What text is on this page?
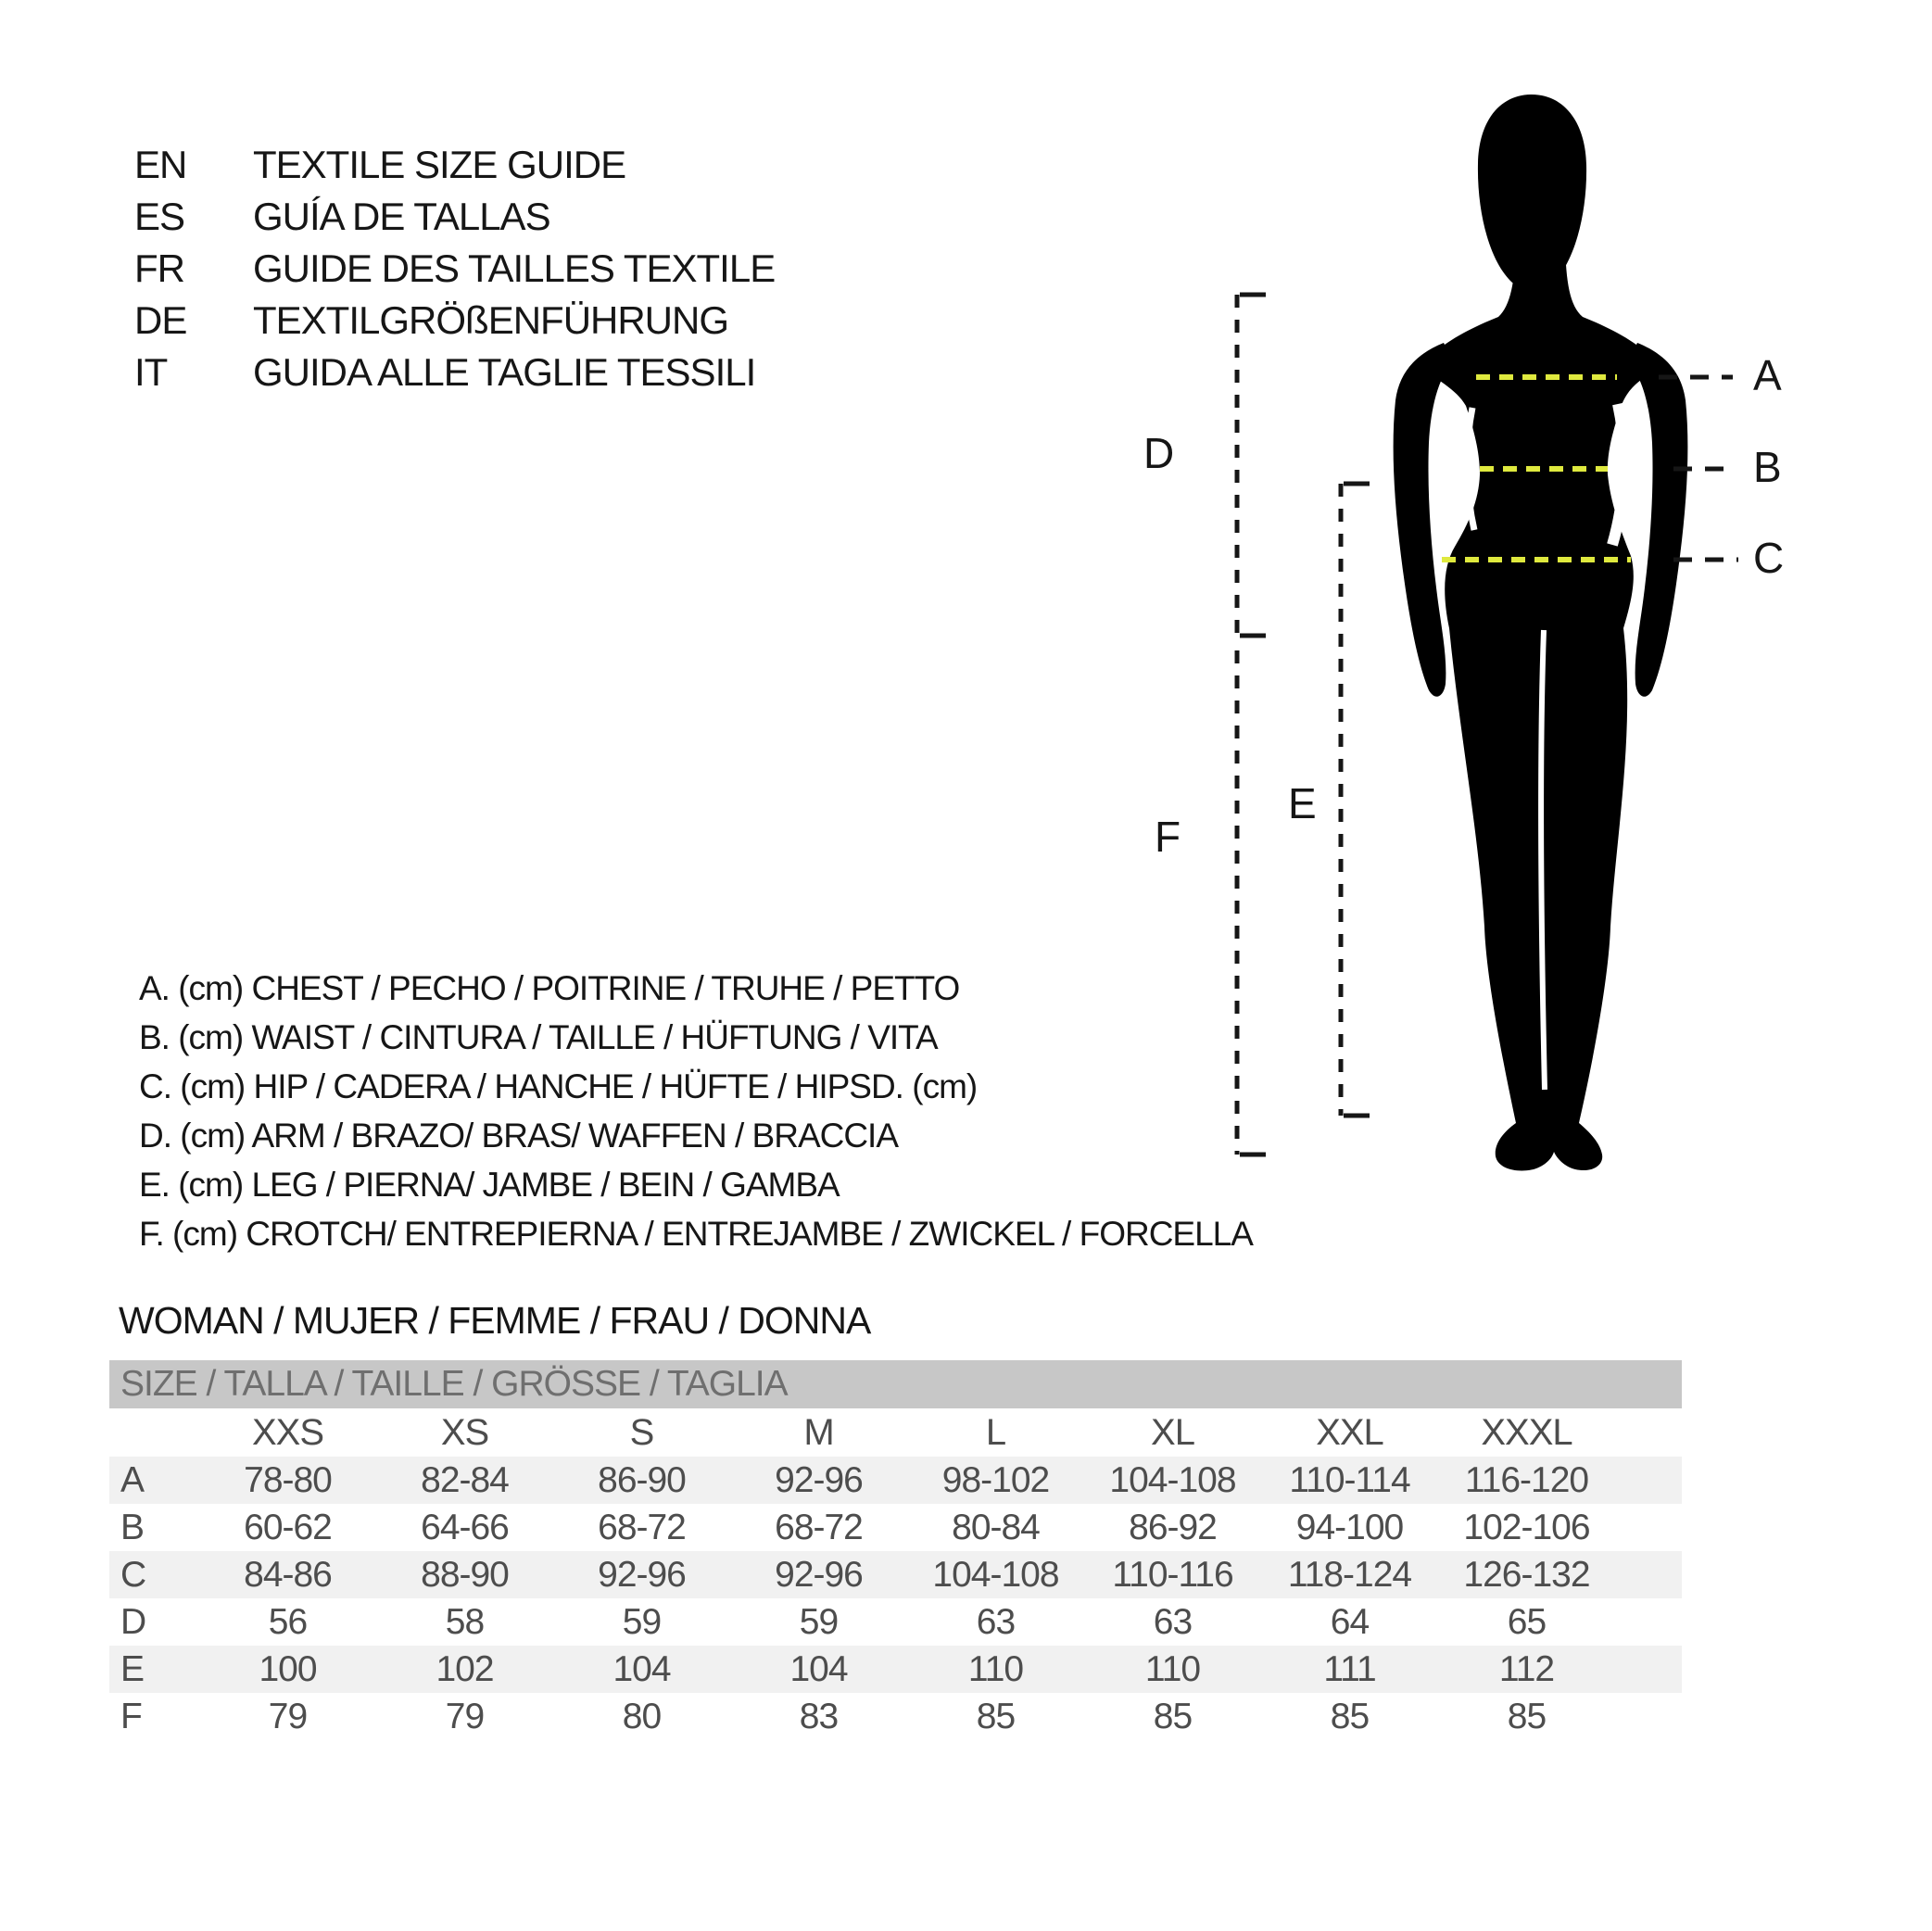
EN TEXTILE SIZE GUIDE
ES GUÍA DE TALLAS
FR GUIDE DES TAILLES TEXTILE
DE TEXTILGRÖßENFÜHRUNG
IT GUIDA ALLE TAGLIE TESSILI	A
B
C
D
E
F
A. (cm) CHEST / PECHO / POITRINE / TRUHE / PETTO
B. (cm) WAIST / CINTURA / TAILLE / HÜFTUNG / VITA
C. (cm) HIP / CADERA / HANCHE / HÜFTE / HIPSD. (cm)
D. (cm) ARM / BRAZO/ BRAS/ WAFFEN / BRACCIA
E. (cm) LEG / PIERNA/ JAMBE / BEIN / GAMBA
F. (cm) CROTCH/ ENTREPIERNA / ENTREJAMBE / ZWICKEL / FORCELLA
WOMAN / MUJER / FEMME / FRAU / DONNA
SIZE / TALLA / TAILLE / GRÖSSE / TAGLIA
XXS	XS	S	M	L	XL	XXL	XXXL
A	78-80	82-84	86-90	92-96	98-102	104-108	110-114	116-120
B	60-62	64-66	68-72	68-72	80-84	86-92	94-100	102-106
C	84-86	88-90	92-96	92-96	104-108	110-116	118-124	126-132
D	56	58	59	59	63	63	64	65
E	100	102	104	104	110	110	111	112
F	79	79	80	83	85	85	85	85
